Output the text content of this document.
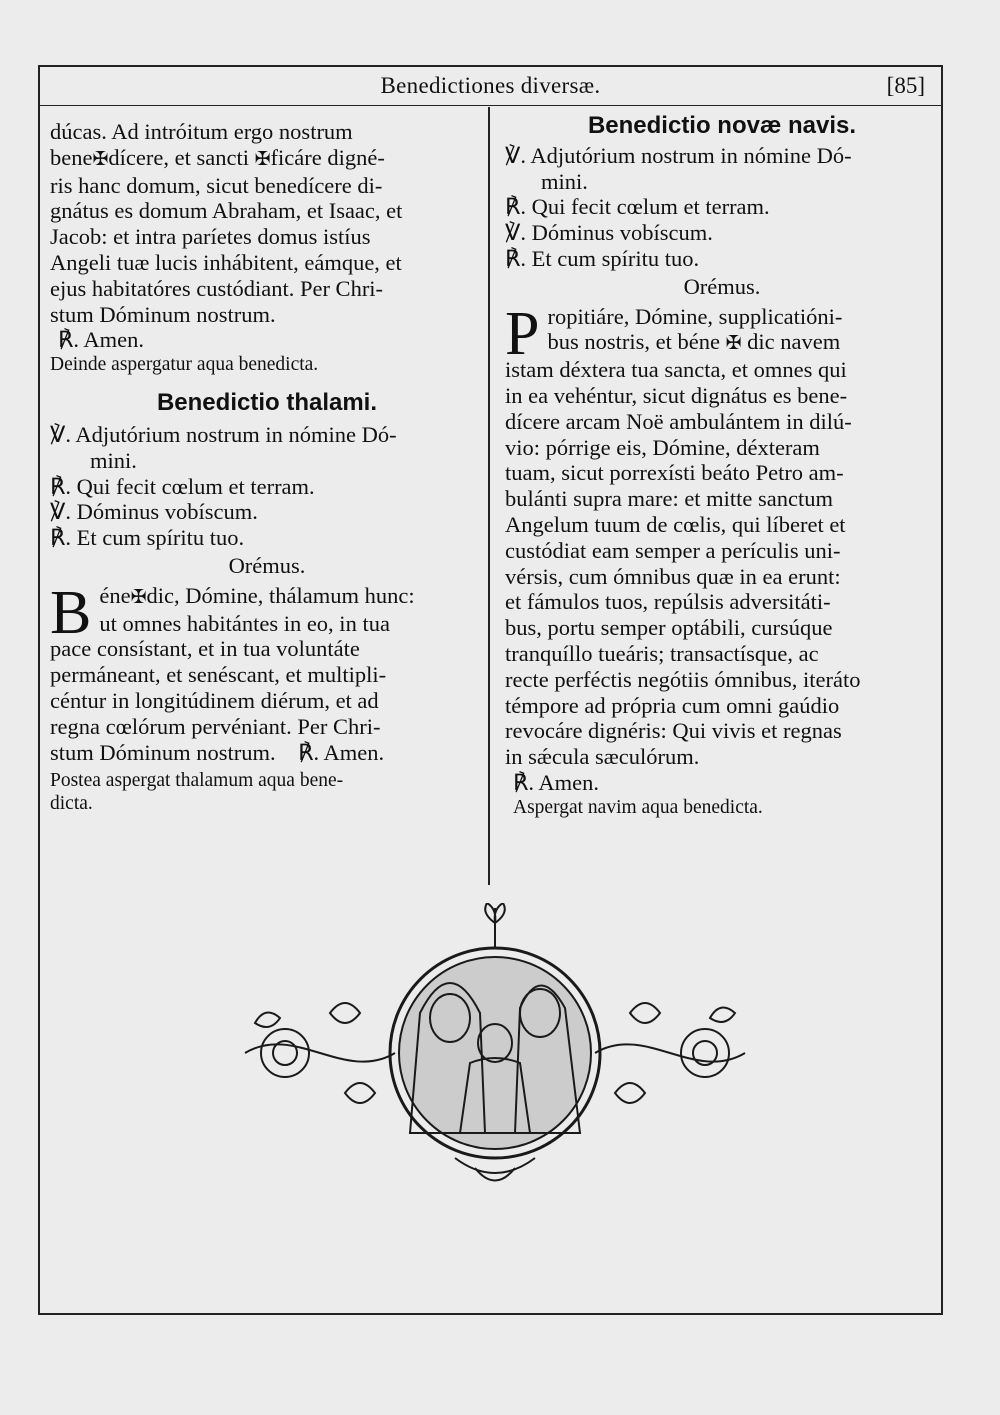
Benedictiones diversæ.	[85]

dúcas. Ad intróitum ergo nostrum

bene✠dícere, et sancti ✠ficáre digné-

ris hanc domum, sicut benedícere di-

gnátus es domum Abraham, et Isaac, et

Jacob: et intra paríetes domus istíus

Angeli tuæ lucis inhábitent, eámque, et

ejus habitatóres custódiant. Per Chri-

stum Dóminum nostrum.

℟. Amen.

Deinde aspergatur aqua benedicta.

Benedictio thalami.

℣. Adjutórium nostrum in nómine Dó-

mini.

℟. Qui fecit cœlum et terram.

℣. Dóminus vobíscum.

℟. Et cum spíritu tuo.

Orémus.

B éne✠dic, Dómine, thálamum hunc:
ut omnes habitántes in eo, in tua
pace consístant, et in tua voluntáte
permáneant, et senéscant, et multipli-
céntur in longitúdinem diérum, et ad
regna cœlórum pervéniant. Per Chri-
stum Dóminum nostrum. ℟. Amen.

Postea aspergat thalamum aqua bene-

dicta.

Benedictio novæ navis.

℣. Adjutórium nostrum in nómine Dó-

mini.

℟. Qui fecit cœlum et terram.

℣. Dóminus vobíscum.

℟. Et cum spíritu tuo.

Orémus.

P ropitiáre, Dómine, supplicatióni-
bus nostris, et béne ✠ dic navem
istam déxtera tua sancta, et omnes qui
in ea vehéntur, sicut dignátus es bene-
dícere arcam Noë ambulántem in dilú-
vio: pórrige eis, Dómine, déxteram
tuam, sicut porrexísti beáto Petro am-
bulánti supra mare: et mitte sanctum
Angelum tuum de cœlis, qui líberet et
custódiat eam semper a perículis uni-
vérsis, cum ómnibus quæ in ea erunt:
et fámulos tuos, repúlsis adversitáti-
bus, portu semper optábili, cursúque
tranquíllo tueáris; transactísque, ac
recte perféctis negótiis ómnibus, iteráto
témpore ad própria cum omni gaúdio
revocáre dignéris: Qui vivis et regnas
in sǽcula sæculórum.

℟. Amen.

Aspergat navim aqua benedicta.
